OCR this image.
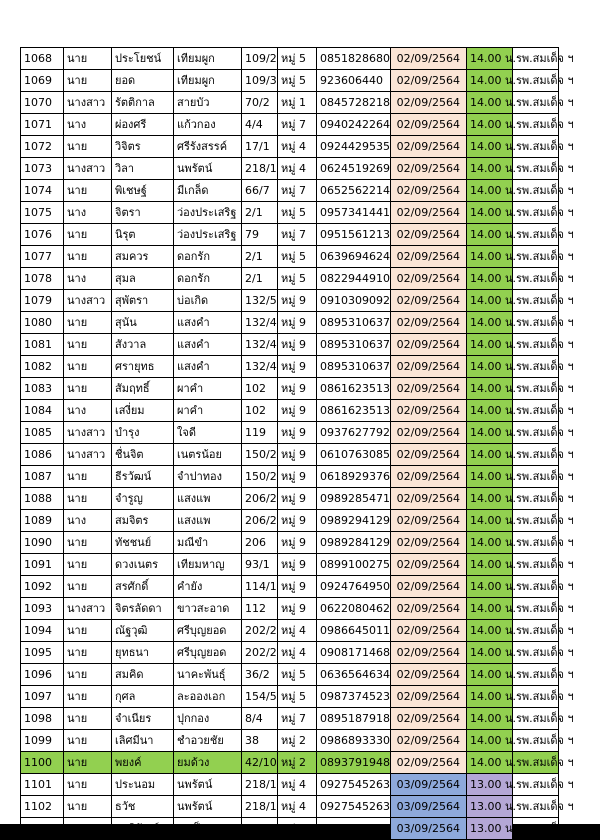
1068	นาย	ประโยชน์	เทียมผูก	109/2	หมู่ 5	0851828680	02/09/2564	14.00 น.	รพ.สมเด็จ ฯ
1069	นาย	ยอด	เทียมผูก	109/3	หมู่ 5	923606440	02/09/2564	14.00 น.	รพ.สมเด็จ ฯ
1070	นางสาว	รัตติกาล	สายบัว	70/2	หมู่ 1	0845728218	02/09/2564	14.00 น.	รพ.สมเด็จ ฯ
1071	นาง	ผ่องศรี	แก้วกอง	4/4	หมู่ 7	0940242264	02/09/2564	14.00 น.	รพ.สมเด็จ ฯ
1072	นาย	วิจิตร	ศรีรังสรรค์	17/1	หมู่ 4	0924429535	02/09/2564	14.00 น.	รพ.สมเด็จ ฯ
1073	นางสาว	วิลา	นพรัตน์	218/1	หมู่ 4	0624519269	02/09/2564	14.00 น.	รพ.สมเด็จ ฯ
1074	นาย	พิเชษฐ์	มีเกล็ด	66/7	หมู่ 7	0652562214	02/09/2564	14.00 น.	รพ.สมเด็จ ฯ
1075	นาง	จิตรา	ว่องประเสริฐ	2/1	หมู่ 5	0957341441	02/09/2564	14.00 น.	รพ.สมเด็จ ฯ
1076	นาย	นิรุต	ว่องประเสริฐ	79	หมู่ 7	0951561213	02/09/2564	14.00 น.	รพ.สมเด็จ ฯ
1077	นาย	สมควร	ดอกรัก	2/1	หมู่ 5	0639694624	02/09/2564	14.00 น.	รพ.สมเด็จ ฯ
1078	นาง	สุมล	ดอกรัก	2/1	หมู่ 5	0822944910	02/09/2564	14.00 น.	รพ.สมเด็จ ฯ
1079	นางสาว	สุพัตรา	บ่อเกิด	132/5	หมู่ 9	0910309092	02/09/2564	14.00 น.	รพ.สมเด็จ ฯ
1080	นาย	สุนัน	แสงคำ	132/4	หมู่ 9	0895310637	02/09/2564	14.00 น.	รพ.สมเด็จ ฯ
1081	นาย	สังวาล	แสงคำ	132/4	หมู่ 9	0895310637	02/09/2564	14.00 น.	รพ.สมเด็จ ฯ
1082	นาย	ศรายุทธ	แสงคำ	132/4	หมู่ 9	0895310637	02/09/2564	14.00 น.	รพ.สมเด็จ ฯ
1083	นาย	สัมฤทธิ์	ผาคำ	102	หมู่ 9	0861623513	02/09/2564	14.00 น.	รพ.สมเด็จ ฯ
1084	นาง	เสงี่ยม	ผาคำ	102	หมู่ 9	0861623513	02/09/2564	14.00 น.	รพ.สมเด็จ ฯ
1085	นางสาว	บำรุง	ใจดี	119	หมู่ 9	0937627792	02/09/2564	14.00 น.	รพ.สมเด็จ ฯ
1086	นางสาว	ชื่นจิต	เนตรน้อย	150/2	หมู่ 9	0610763085	02/09/2564	14.00 น.	รพ.สมเด็จ ฯ
1087	นาย	ธีรวัฒน์	จำปาทอง	150/2	หมู่ 9	0618929376	02/09/2564	14.00 น.	รพ.สมเด็จ ฯ
1088	นาย	จำรูญ	แสงแพ	206/2	หมู่ 9	0989285471	02/09/2564	14.00 น.	รพ.สมเด็จ ฯ
1089	นาง	สมจิตร	แสงแพ	206/2	หมู่ 9	0989294129	02/09/2564	14.00 น.	รพ.สมเด็จ ฯ
1090	นาย	ทัชชนย์	มณีขำ	206	หมู่ 9	0989284129	02/09/2564	14.00 น.	รพ.สมเด็จ ฯ
1091	นาย	ดวงเนตร	เทียมหาญ	93/1	หมู่ 9	0899100275	02/09/2564	14.00 น.	รพ.สมเด็จ ฯ
1092	นาย	สรศักดิ์	คำยัง	114/1	หมู่ 9	0924764950	02/09/2564	14.00 น.	รพ.สมเด็จ ฯ
1093	นางสาว	จิตรลัดดา	ขาวสะอาด	112	หมู่ 9	0622080462	02/09/2564	14.00 น.	รพ.สมเด็จ ฯ
1094	นาย	ณัฐวุฒิ	ศรีบุญยอด	202/2	หมู่ 4	0986645011	02/09/2564	14.00 น.	รพ.สมเด็จ ฯ
1095	นาย	ยุทธนา	ศรีบุญยอด	202/2	หมู่ 4	0908171468	02/09/2564	14.00 น.	รพ.สมเด็จ ฯ
1096	นาย	สมคิด	นาคะพันธุ์	36/2	หมู่ 5	0636564634	02/09/2564	14.00 น.	รพ.สมเด็จ ฯ
1097	นาย	กุศล	ละอองเอก	154/5	หมู่ 5	0987374523	02/09/2564	14.00 น.	รพ.สมเด็จ ฯ
1098	นาย	จำเนียร	ปุกกอง	8/4	หมู่ 7	0895187918	02/09/2564	14.00 น.	รพ.สมเด็จ ฯ
1099	นาย	เลิศมีนา	ชำอวยชัย	38	หมู่ 2	0986893330	02/09/2564	14.00 น.	รพ.สมเด็จ ฯ
1100	นาย	พยงค์	ยมด้วง	42/10	หมู่ 2	0893791948	02/09/2564	14.00 น.	รพ.สมเด็จ ฯ
1101	นาย	ประนอม	นพรัตน์	218/1	หมู่ 4	0927545263	03/09/2564	13.00 น.	รพ.สมเด็จ ฯ
1102	นาย	ธวัช	นพรัตน์	218/1	หมู่ 4	0927545263	03/09/2564	13.00 น.	รพ.สมเด็จ ฯ
1103	นาย	พรภิวัฒน์	คงเป็น	96/4	หมู่ 7	0927787517	03/09/2564	13.00 น.	รพ.สมเด็จ ฯ
